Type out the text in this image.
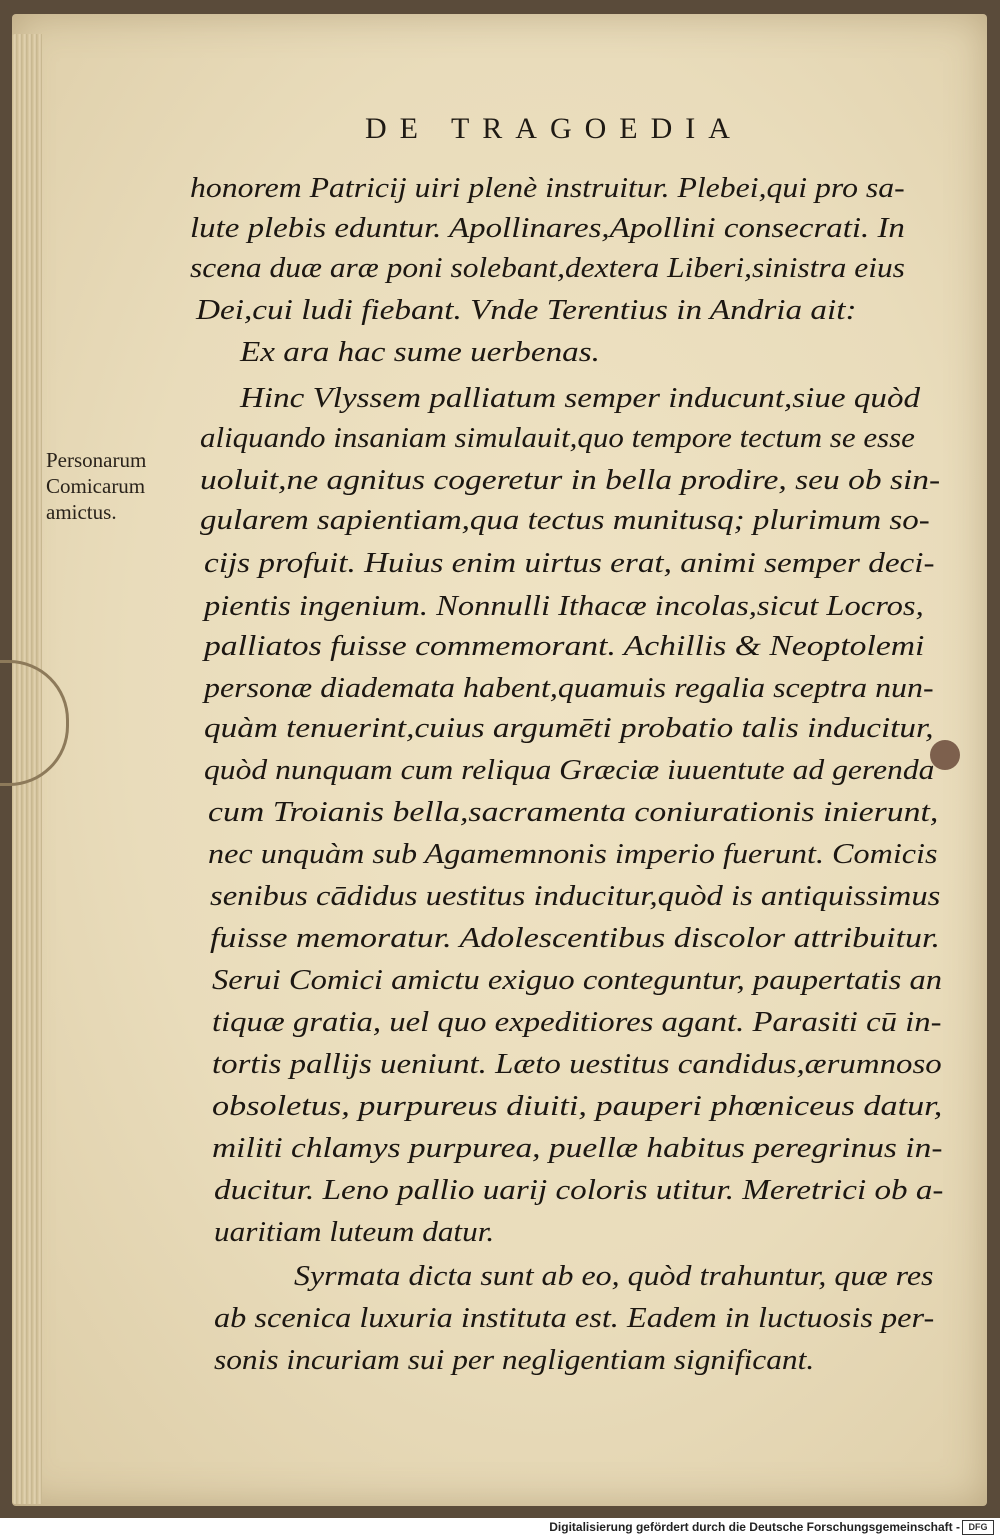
DE TRAGOEDIA
honorem Patricij uiri plenè instruitur. Plebei,qui pro sa-
lute plebis eduntur. Apollinares,Apollini consecrati. In
scena duæ aræ poni solebant,dextera Liberi,sinistra eius
Dei,cui ludi fiebant. Vnde Terentius in Andria ait:
Ex ara hac sume uerbenas.
Hinc Vlyssem palliatum semper inducunt,siue quòd
aliquando insaniam simulauit,quo tempore tectum se esse
uoluit,ne agnitus cogeretur in bella prodire, seu ob sin-
gularem sapientiam,qua tectus munitusq; plurimum so-
cijs profuit. Huius enim uirtus erat, animi semper deci-
pientis ingenium. Nonnulli Ithacæ incolas,sicut Locros,
palliatos fuisse commemorant. Achillis & Neoptolemi
personæ diademata habent,quamuis regalia sceptra nun-
quàm tenuerint,cuius argumēti probatio talis inducitur,
quòd nunquam cum reliqua Græciæ iuuentute ad gerenda
cum Troianis bella,sacramenta coniurationis inierunt,
nec unquàm sub Agamemnonis imperio fuerunt. Comicis
senibus cādidus uestitus inducitur,quòd is antiquissimus
fuisse memoratur. Adolescentibus discolor attribuitur.
Serui Comici amictu exiguo conteguntur, paupertatis an
tiquæ gratia, uel quo expeditiores agant. Parasiti cū in-
tortis pallijs ueniunt. Læto uestitus candidus,ærumnoso
obsoletus, purpureus diuiti, pauperi phœniceus datur,
militi chlamys purpurea, puellæ habitus peregrinus in-
ducitur. Leno pallio uarij coloris utitur. Meretrici ob a-
uaritiam luteum datur.
Syrmata dicta sunt ab eo, quòd trahuntur, quæ res
ab scenica luxuria instituta est. Eadem in luctuosis per-
sonis incuriam sui per negligentiam significant.
Personarum
Comicarum
amictus.
Digitalisierung gefördert durch die Deutsche Forschungsgemeinschaft - DFG
